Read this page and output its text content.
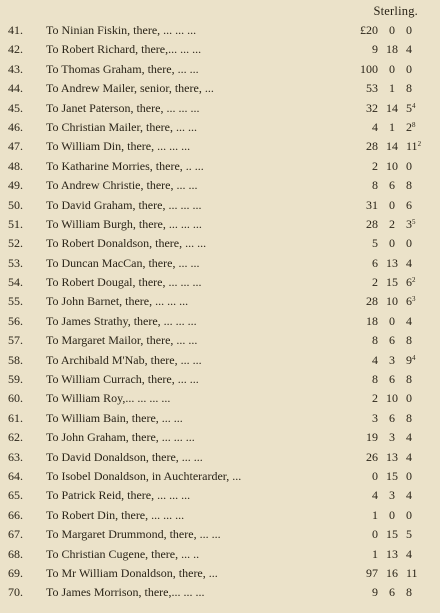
Sterling.
41.	To Ninian Fiskin, there, ... ... ...	£20 0 0
42.	To Robert Richard, there,... ... ...	9 18 4
43.	To Thomas Graham, there, ... ...	100 0 0
44.	To Andrew Mailer, senior, there, ...	53 1 8
45.	To Janet Paterson, there, ... ... ...	32 14 $5^4$
46.	To Christian Mailer, there, ... ...	4 1 $2^8$
47.	To William Din, there, ... ... ...	28 14 $11^2$
48.	To Katharine Morries, there, .. ...	2 10 0
49.	To Andrew Christie, there, ... ...	8 6 8
50.	To David Graham, there, ... ... ...	31 0 6
51.	To William Burgh, there, ... ... ...	28 2 $3^5$
52.	To Robert Donaldson, there, ... ...	5 0 0
53.	To Duncan MacCan, there, ... ...	6 13 4
54.	To Robert Dougal, there, ... ... ...	2 15 $6^2$
55.	To John Barnet, there, ... ... ...	28 10 $6^3$
56.	To James Strathy, there, ... ... ...	18 0 4
57.	To Margaret Mailor, there, ... ...	8 6 8
58.	To Archibald M'Nab, there, ... ...	4 3 $9^4$
59.	To William Currach, there, ... ...	8 6 8
60.	To William Roy,... ... ... ...	2 10 0
61.	To William Bain, there, ... ...	3 6 8
62.	To John Graham, there, ... ... ...	19 3 4
63.	To David Donaldson, there, ... ...	26 13 4
64.	To Isobel Donaldson, in Auchterarder, ...	0 15 0
65.	To Patrick Reid, there, ... ... ...	4 3 4
66.	To Robert Din, there, ... ... ...	1 0 0
67.	To Margaret Drummond, there, ... ...	0 15 5
68.	To Christian Cugene, there, ... ..	1 13 4
69.	To Mr William Donaldson, there, ...	97 16 11
70.	To James Morrison, there,... ... ...	9 6 8
